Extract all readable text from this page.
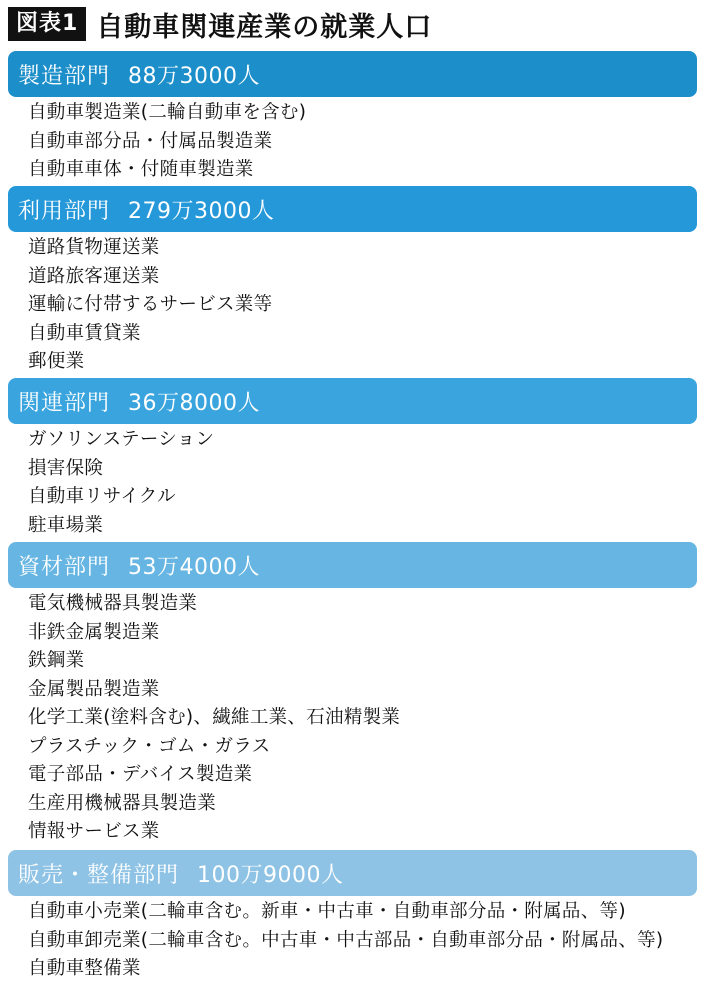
図表1 自動車関連産業の就業人口
製造部門 88万3000人
自動車製造業(二輪自動車を含む)
自動車部分品・付属品製造業
自動車車体・付随車製造業
利用部門 279万3000人
道路貨物運送業
道路旅客運送業
運輸に付帯するサービス業等
自動車賃貸業
郵便業
関連部門 36万8000人
ガソリンステーション
損害保険
自動車リサイクル
駐車場業
資材部門 53万4000人
電気機械器具製造業
非鉄金属製造業
鉄鋼業
金属製品製造業
化学工業(塗料含む)、繊維工業、石油精製業
プラスチック・ゴム・ガラス
電子部品・デバイス製造業
生産用機械器具製造業
情報サービス業
販売・整備部門 100万9000人
自動車小売業(二輪車含む。新車・中古車・自動車部分品・附属品、等)
自動車卸売業(二輪車含む。中古車・中古部品・自動車部分品・附属品、等)
自動車整備業
